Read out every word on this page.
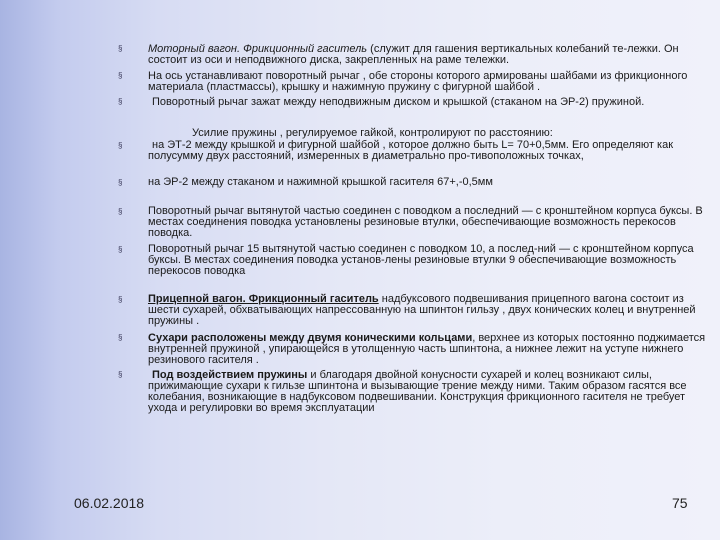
§ Моторный вагон. Фрикционный гаситель (служит для гашения вертикальных колебаний те-лежки. Он состоит из оси и неподвижного диска, закрепленных на раме тележки.

§ На ось устанавливают поворотный рычаг , обе стороны которого армированы шайбами из фрикционного материала (пластмассы), крышку и нажимную пружину с фигурной шайбой .

§	Поворотный рычаг зажат между неподвижным диском и крышкой (стаканом на ЭР-2) пружиной.

Усилие пружины , регулируемое гайкой, контролируют по расстоянию:

§	на ЭТ-2 между крышкой и фигурной шайбой , которое должно быть L= 70+0,5мм. Его определяют как полусумму двух расстояний, измеренных в диаметрально про-тивоположных точках,

§ на ЭР-2 между стаканом и нажимной крышкой гасителя 67+,-0,5мм

§ Поворотный рычаг вытянутой частью соединен с поводком а последний — с кронштейном корпуса буксы. В местах соединения поводка установлены резиновые втулки, обеспечивающие возможность перекосов поводка.

§ Поворотный рычаг 15 вытянутой частью соединен с поводком 10, а послед-ний — с кронштейном корпуса буксы. В местах соединения поводка установ-лены резиновые втулки 9 обеспечивающие возможность перекосов поводка

§ Прицепной вагон. Фрикционный гаситель надбуксового подвешивания прицепного вагона состоит из шести сухарей, обхватывающих напрессованную на шпинтон гильзу , двух конических колец и внутренней пружины .

§ Сухари расположены между двумя коническими кольцами, верхнее из которых постоянно поджимается внутренней пружиной , упирающейся в утолщенную часть шпинтона, а нижнее лежит на уступе нижнего резинового гасителя .

§	Под воздействием пружины и благодаря двойной конусности сухарей и колец возникают силы, прижимающие сухари к гильзе шпинтона и вызывающие трение между ними. Таким образом гасятся все колебания, возникающие в надбуксовом подвешивании. Конструкция фрикционного гасителя не требует ухода и регулировки во время эксплуатации

06.02.2018	75
